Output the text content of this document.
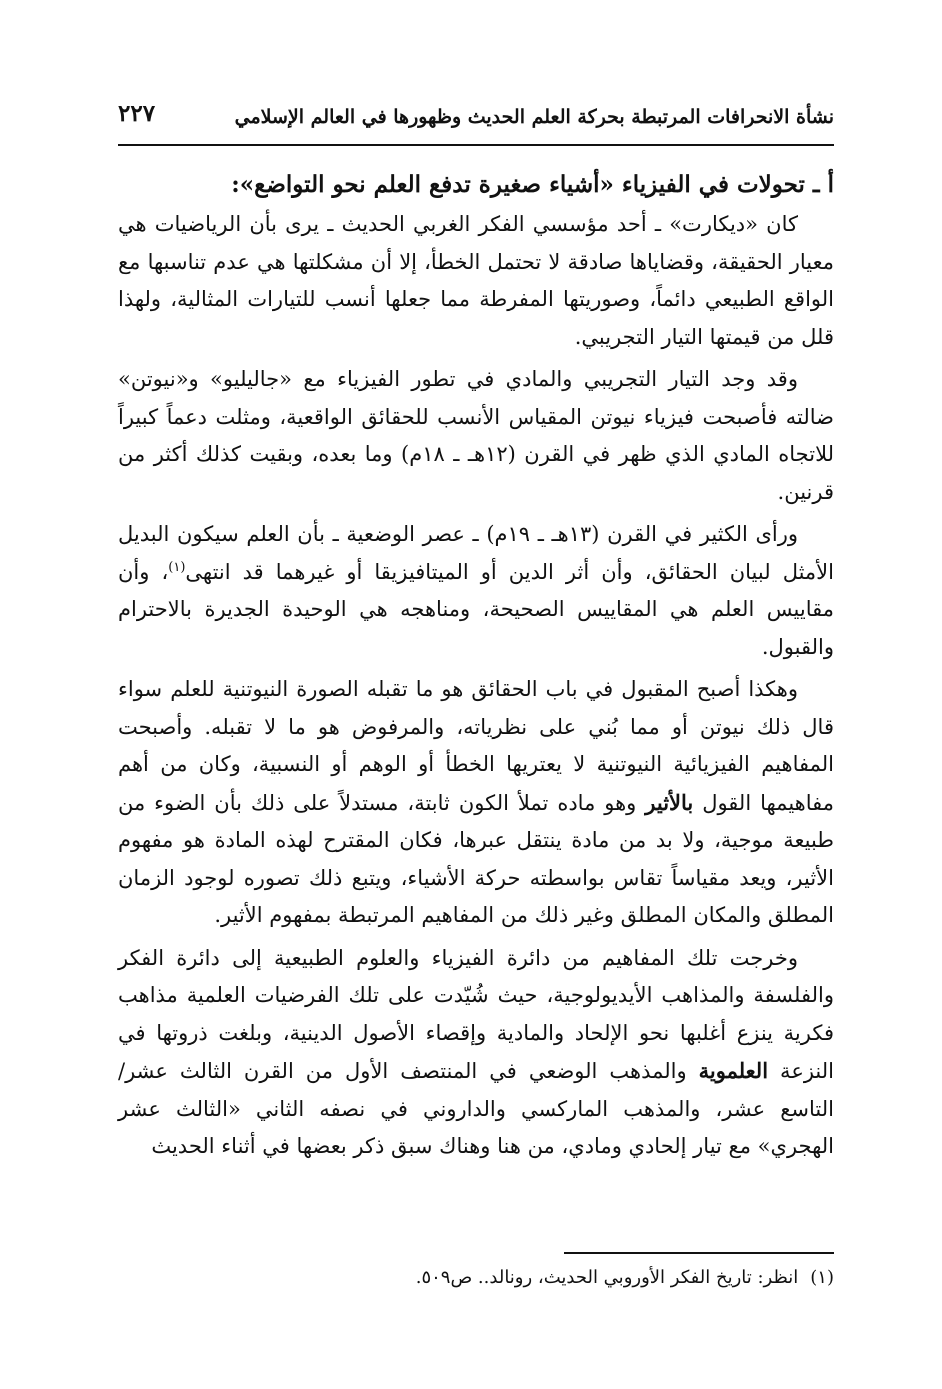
نشأة الانحرافات المرتبطة بحركة العلم الحديث وظهورها في العالم الإسلامي
٢٢٧
أ ـ تحولات في الفيزياء «أشياء صغيرة تدفع العلم نحو التواضع»:

كان «ديكارت» ـ أحد مؤسسي الفكر الغربي الحديث ـ يرى بأن الرياضيات هي معيار الحقيقة، وقضاياها صادقة لا تحتمل الخطأ، إلا أن مشكلتها هي عدم تناسبها مع الواقع الطبيعي دائماً، وصوريتها المفرطة مما جعلها أنسب للتيارات المثالية، ولهذا قلل من قيمتها التيار التجريبي.

وقد وجد التيار التجريبي والمادي في تطور الفيزياء مع «جاليليو» و«نيوتن» ضالته فأصبحت فيزياء نيوتن المقياس الأنسب للحقائق الواقعية، ومثلت دعماً كبيراً للاتجاه المادي الذي ظهر في القرن (١٢هـ ـ ١٨م) وما بعده، وبقيت كذلك أكثر من قرنين.

ورأى الكثير في القرن (١٣هـ ـ ١٩م) ـ عصر الوضعية ـ بأن العلم سيكون البديل الأمثل لبيان الحقائق، وأن أثر الدين أو الميتافيزيقا أو غيرهما قد انتهى$^{(١)}$، وأن مقاييس العلم هي المقاييس الصحيحة، ومناهجه هي الوحيدة الجديرة بالاحترام والقبول.

وهكذا أصبح المقبول في باب الحقائق هو ما تقبله الصورة النيوتنية للعلم سواء قال ذلك نيوتن أو مما بُني على نظرياته، والمرفوض هو ما لا تقبله. وأصبحت المفاهيم الفيزيائية النيوتنية لا يعتريها الخطأ أو الوهم أو النسبية، وكان من أهم مفاهيمها القول بالأثير وهو ماده تملأ الكون ثابتة، مستدلاً على ذلك بأن الضوء من طبيعة موجية، ولا بد من مادة ينتقل عبرها، فكان المقترح لهذه المادة هو مفهوم الأثير، ويعد مقياساً تقاس بواسطته حركة الأشياء، ويتبع ذلك تصوره لوجود الزمان المطلق والمكان المطلق وغير ذلك من المفاهيم المرتبطة بمفهوم الأثير.

وخرجت تلك المفاهيم من دائرة الفيزياء والعلوم الطبيعية إلى دائرة الفكر والفلسفة والمذاهب الأيديولوجية، حيث شُيّدت على تلك الفرضيات العلمية مذاهب فكرية ينزع أغلبها نحو الإلحاد والمادية وإقصاء الأصول الدينية، وبلغت ذروتها في النزعة العلموية والمذهب الوضعي في المنتصف الأول من القرن الثالث عشر/التاسع عشر، والمذهب الماركسي والداروني في نصفه الثاني «الثالث عشر الهجري» مع تيار إلحادي ومادي، من هنا وهناك سبق ذكر بعضها في أثناء الحديث

(١)انظر: تاريخ الفكر الأوروبي الحديث، رونالد.. ص٥٠٩.
